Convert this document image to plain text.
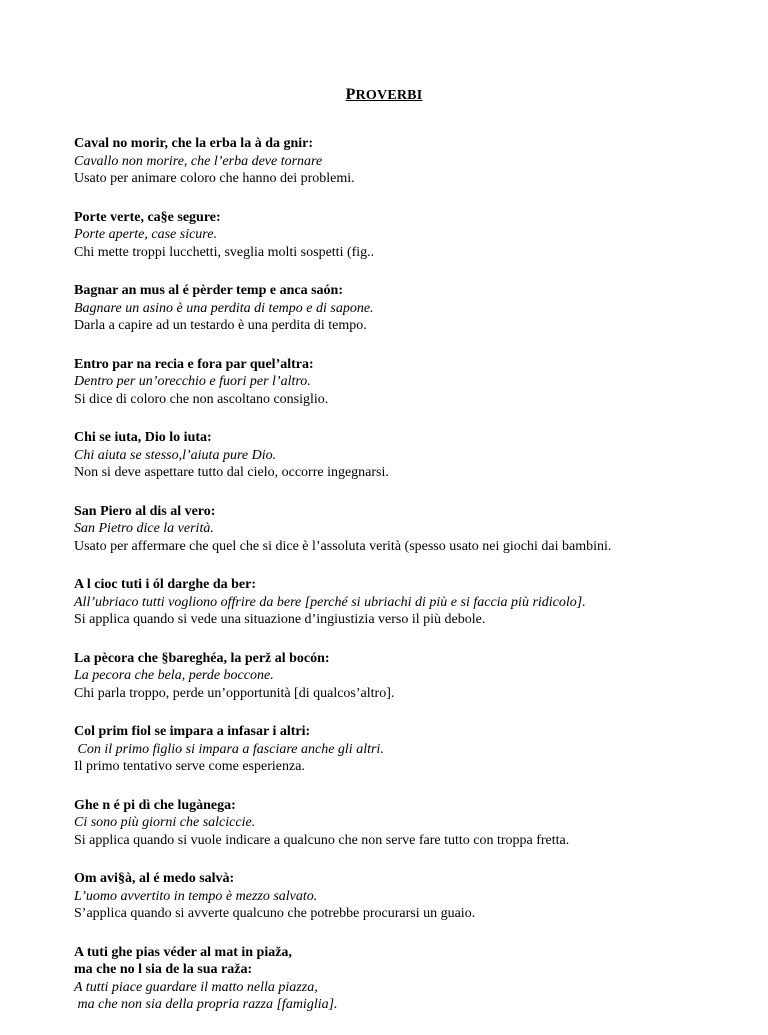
PROVERBI
Caval no morir, che la erba la à da gnir:
Cavallo non morire, che l’erba deve tornare
Usato per animare coloro che hanno dei problemi.
Porte verte, ca§e segure:
Porte aperte, case sicure.
Chi mette troppi lucchetti, sveglia molti sospetti (fig..
Bagnar an mus al é pèrder temp e anca saón:
Bagnare un asino è una perdita di tempo e di sapone.
Darla a capire ad un testardo è una perdita di tempo.
Entro par na recia e fora par quel’altra:
Dentro per un’orecchio e fuori per l’altro.
Si dice di coloro che non ascoltano consiglio.
Chi se iuta, Dio lo iuta:
Chi aiuta se stesso,l’aiuta pure Dio.
Non si deve aspettare tutto dal cielo, occorre ingegnarsi.
San Piero al dis al vero:
San Pietro dice la verità.
Usato per affermare che quel che si dice è l’assoluta verità (spesso usato nei giochi dai bambini.
A l cioc tuti i ól darghe da ber:
All’ubriaco tutti vogliono offrire da bere [perché si ubriachi di più e si faccia più ridicolo].
Si applica quando si vede una situazione d’ingiustizia verso il più debole.
La pècora che §bareghéa, la perž al bocón:
La pecora che bela, perde boccone.
Chi parla troppo, perde un’opportunità [di qualcos’altro].
Col prim fiol se impara a infasar i altri:
Con il primo figlio si impara a fasciare anche gli altri.
Il primo tentativo serve come esperienza.
Ghe n é pi dì che lugànega:
Ci sono più giorni che salciccie.
Si applica quando si vuole indicare a qualcuno che non serve fare tutto con troppa fretta.
Om avi§à, al é medo salvà:
L’uomo avvertito in tempo è mezzo salvato.
S’applica quando si avverte qualcuno che potrebbe procurarsi un guaio.
A tuti ghe pias véder al mat in piaža,
ma che no l sia de la sua raža:
A tutti piace guardare il matto nella piazza,
ma che non sia della propria razza [famiglia].
